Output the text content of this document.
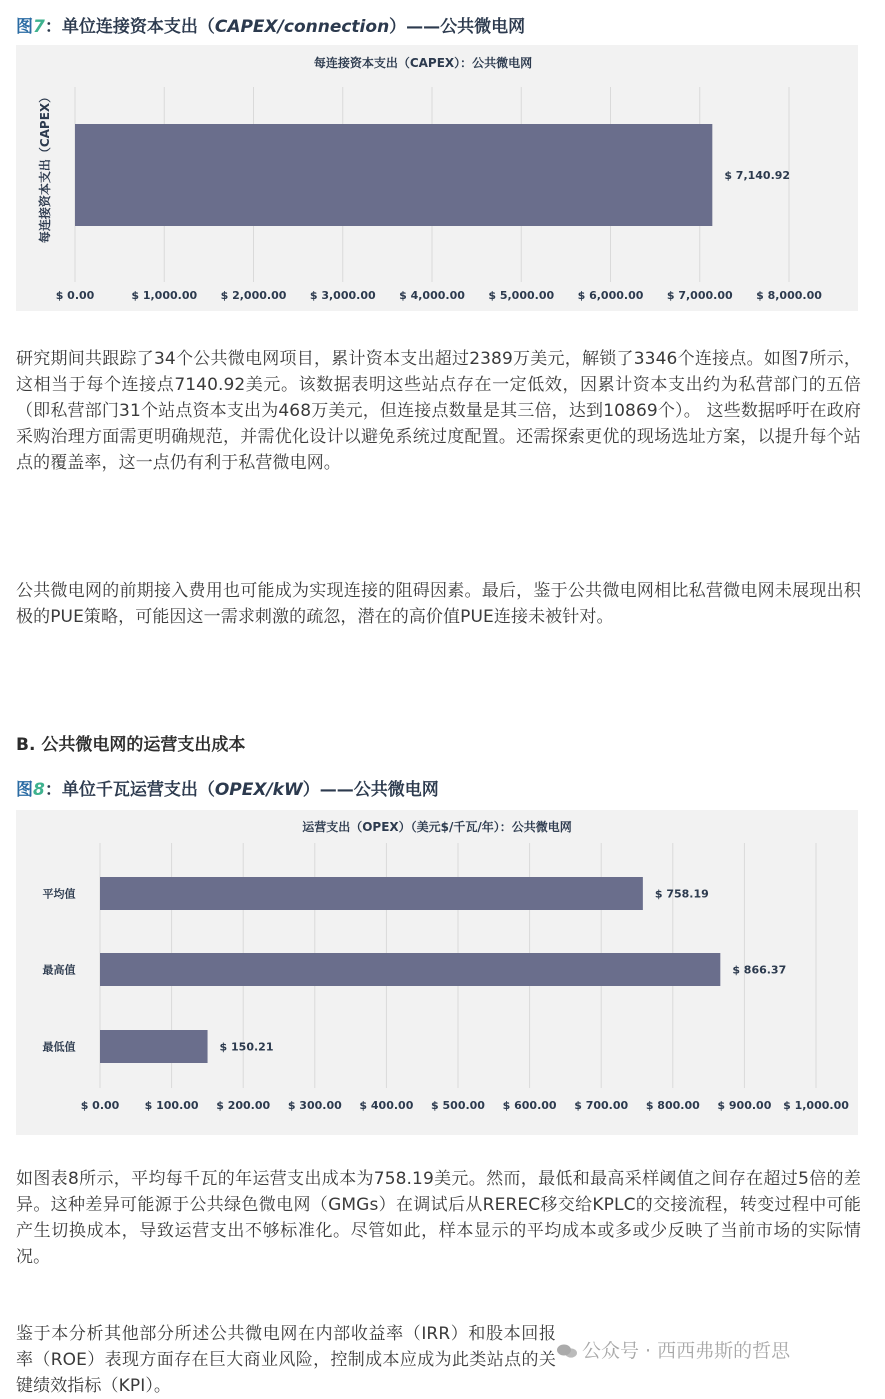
图7：单位连接资本支出（CAPEX/connection）——公共微电网
每连接资本支出（CAPEX）：公共微电网
每连接资本支出（CAPEX）	$ 7,140.92
$ 0.00	$ 1,000.00 $ 2,000.00 $ 3,000.00 $ 4,000.00 $ 5,000.00 $ 6,000.00 $ 7,000.00 $ 8,000.00
研究期间共跟踪了34个公共微电网项目，累计资本支出超过2389万美元，解锁了3346个连接点。如图7所示，这相当于每个连接点7140.92美元。该数据表明这些站点存在一定低效，因累计资本支出约为私营部门的五倍（即私营部门31个站点资本支出为468万美元，但连接点数量是其三倍，达到10869个）。 这些数据呼吁在政府采购治理方面需更明确规范，并需优化设计以避免系统过度配置。还需探索更优的现场选址方案，以提升每个站点的覆盖率，这一点仍有利于私营微电网。
公共微电网的前期接入费用也可能成为实现连接的阻碍因素。最后，鉴于公共微电网相比私营微电网未展现出积极的PUE策略，可能因这一需求刺激的疏忽，潜在的高价值PUE连接未被针对。
B. 公共微电网的运营支出成本
图8：单位千瓦运营支出（OPEX/kW）——公共微电网
运营支出（OPEX）（美元$/千瓦/年）：公共微电网
$ 758.19
$ 866.37
$ 150.21
平均值
最高值
最低值
$ 0.00 $ 100.00 $ 200.00 $ 300.00 $ 400.00 $ 500.00 $ 600.00 $ 700.00 $ 800.00 $ 900.00 $ 1,000.00
如图表8所示，平均每千瓦的年运营支出成本为758.19美元。然而，最低和最高采样阈值之间存在超过5倍的差异。这种差异可能源于公共绿色微电网（GMGs）在调试后从REREC移交给KPLC的交接流程，转变过程中可能产生切换成本，导致运营支出不够标准化。尽管如此，样本显示的平均成本或多或少反映了当前市场的实际情况。
鉴于本分析其他部分所述公共微电网在内部收益率（IRR）和股本回报率（ROE）表现方面存在巨大商业风险，控制成本应成为此类站点的关键绩效指标（KPI）。
公众号 · 西西弗斯的哲思
